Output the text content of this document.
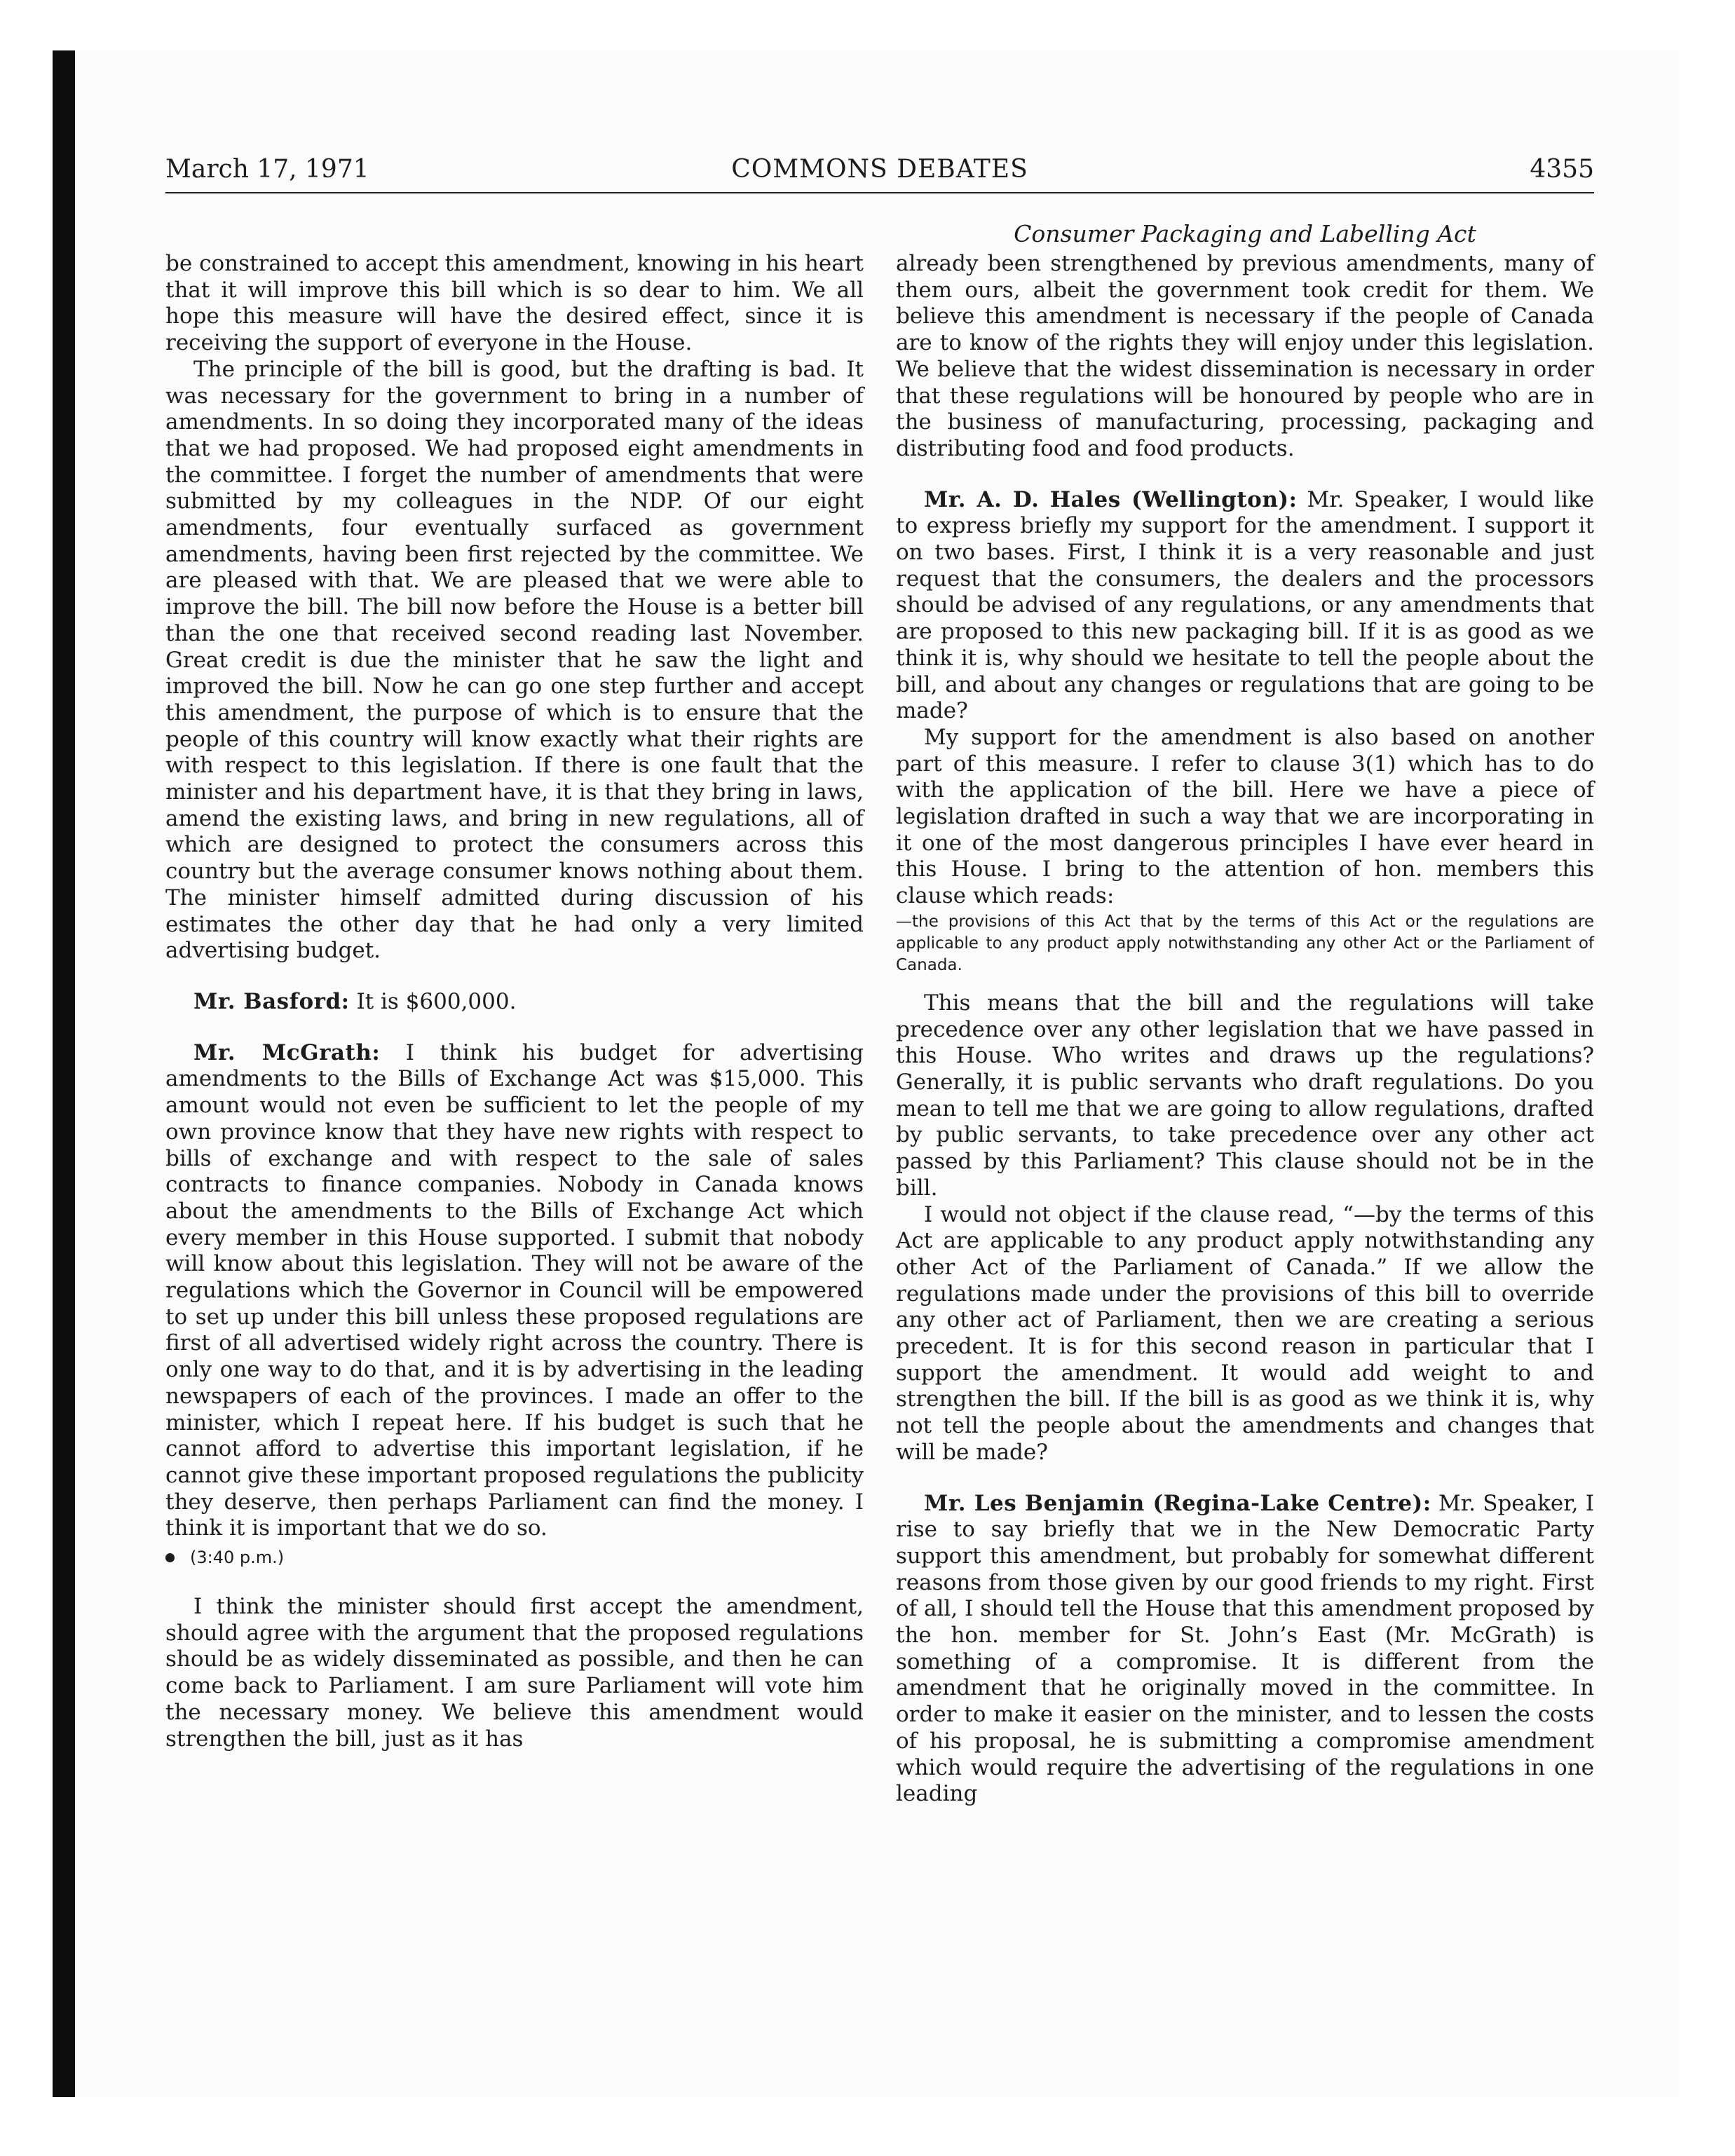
March 17, 1971	COMMONS DEBATES	4355
Consumer Packaging and Labelling Act

be constrained to accept this amendment, knowing in his heart that it will improve this bill which is so dear to him. We all hope this measure will have the desired effect, since it is receiving the support of everyone in the House.

The principle of the bill is good, but the drafting is bad. It was necessary for the government to bring in a number of amendments. In so doing they incorporated many of the ideas that we had proposed. We had proposed eight amendments in the committee. I forget the number of amendments that were submitted by my colleagues in the NDP. Of our eight amendments, four eventually surfaced as government amendments, having been first rejected by the committee. We are pleased with that. We are pleased that we were able to improve the bill. The bill now before the House is a better bill than the one that received second reading last November. Great credit is due the minister that he saw the light and improved the bill. Now he can go one step further and accept this amendment, the purpose of which is to ensure that the people of this country will know exactly what their rights are with respect to this legislation. If there is one fault that the minister and his department have, it is that they bring in laws, amend the existing laws, and bring in new regulations, all of which are designed to protect the consumers across this country but the average consumer knows nothing about them. The minister himself admitted during discussion of his estimates the other day that he had only a very limited advertising budget.

Mr. Basford: It is $600,000.

Mr. McGrath: I think his budget for advertising amendments to the Bills of Exchange Act was $15,000. This amount would not even be sufficient to let the people of my own province know that they have new rights with respect to bills of exchange and with respect to the sale of sales contracts to finance companies. Nobody in Canada knows about the amendments to the Bills of Exchange Act which every member in this House supported. I submit that nobody will know about this legislation. They will not be aware of the regulations which the Governor in Council will be empowered to set up under this bill unless these proposed regulations are first of all advertised widely right across the country. There is only one way to do that, and it is by advertising in the leading newspapers of each of the provinces. I made an offer to the minister, which I repeat here. If his budget is such that he cannot afford to advertise this important legislation, if he cannot give these important proposed regulations the publicity they deserve, then perhaps Parliament can find the money. I think it is important that we do so.

(3:40 p.m.)

I think the minister should first accept the amendment, should agree with the argument that the proposed regulations should be as widely disseminated as possible, and then he can come back to Parliament. I am sure Parliament will vote him the necessary money. We believe this amendment would strengthen the bill, just as it has

already been strengthened by previous amendments, many of them ours, albeit the government took credit for them. We believe this amendment is necessary if the people of Canada are to know of the rights they will enjoy under this legislation. We believe that the widest dissemination is necessary in order that these regulations will be honoured by people who are in the business of manufacturing, processing, packaging and distributing food and food products.

Mr. A. D. Hales (Wellington): Mr. Speaker, I would like to express briefly my support for the amendment. I support it on two bases. First, I think it is a very reasonable and just request that the consumers, the dealers and the processors should be advised of any regulations, or any amendments that are proposed to this new packaging bill. If it is as good as we think it is, why should we hesitate to tell the people about the bill, and about any changes or regulations that are going to be made?

My support for the amendment is also based on another part of this measure. I refer to clause 3(1) which has to do with the application of the bill. Here we have a piece of legislation drafted in such a way that we are incorporating in it one of the most dangerous principles I have ever heard in this House. I bring to the attention of hon. members this clause which reads:

—the provisions of this Act that by the terms of this Act or the regulations are applicable to any product apply notwithstanding any other Act or the Parliament of Canada.

This means that the bill and the regulations will take precedence over any other legislation that we have passed in this House. Who writes and draws up the regulations? Generally, it is public servants who draft regulations. Do you mean to tell me that we are going to allow regulations, drafted by public servants, to take precedence over any other act passed by this Parliament? This clause should not be in the bill.

I would not object if the clause read, “—by the terms of this Act are applicable to any product apply notwithstanding any other Act of the Parliament of Canada.” If we allow the regulations made under the provisions of this bill to override any other act of Parliament, then we are creating a serious precedent. It is for this second reason in particular that I support the amendment. It would add weight to and strengthen the bill. If the bill is as good as we think it is, why not tell the people about the amendments and changes that will be made?

Mr. Les Benjamin (Regina-Lake Centre): Mr. Speaker, I rise to say briefly that we in the New Democratic Party support this amendment, but probably for somewhat different reasons from those given by our good friends to my right. First of all, I should tell the House that this amendment proposed by the hon. member for St. John’s East (Mr. McGrath) is something of a compromise. It is different from the amendment that he originally moved in the committee. In order to make it easier on the minister, and to lessen the costs of his proposal, he is submitting a compromise amendment which would require the advertising of the regulations in one leading
